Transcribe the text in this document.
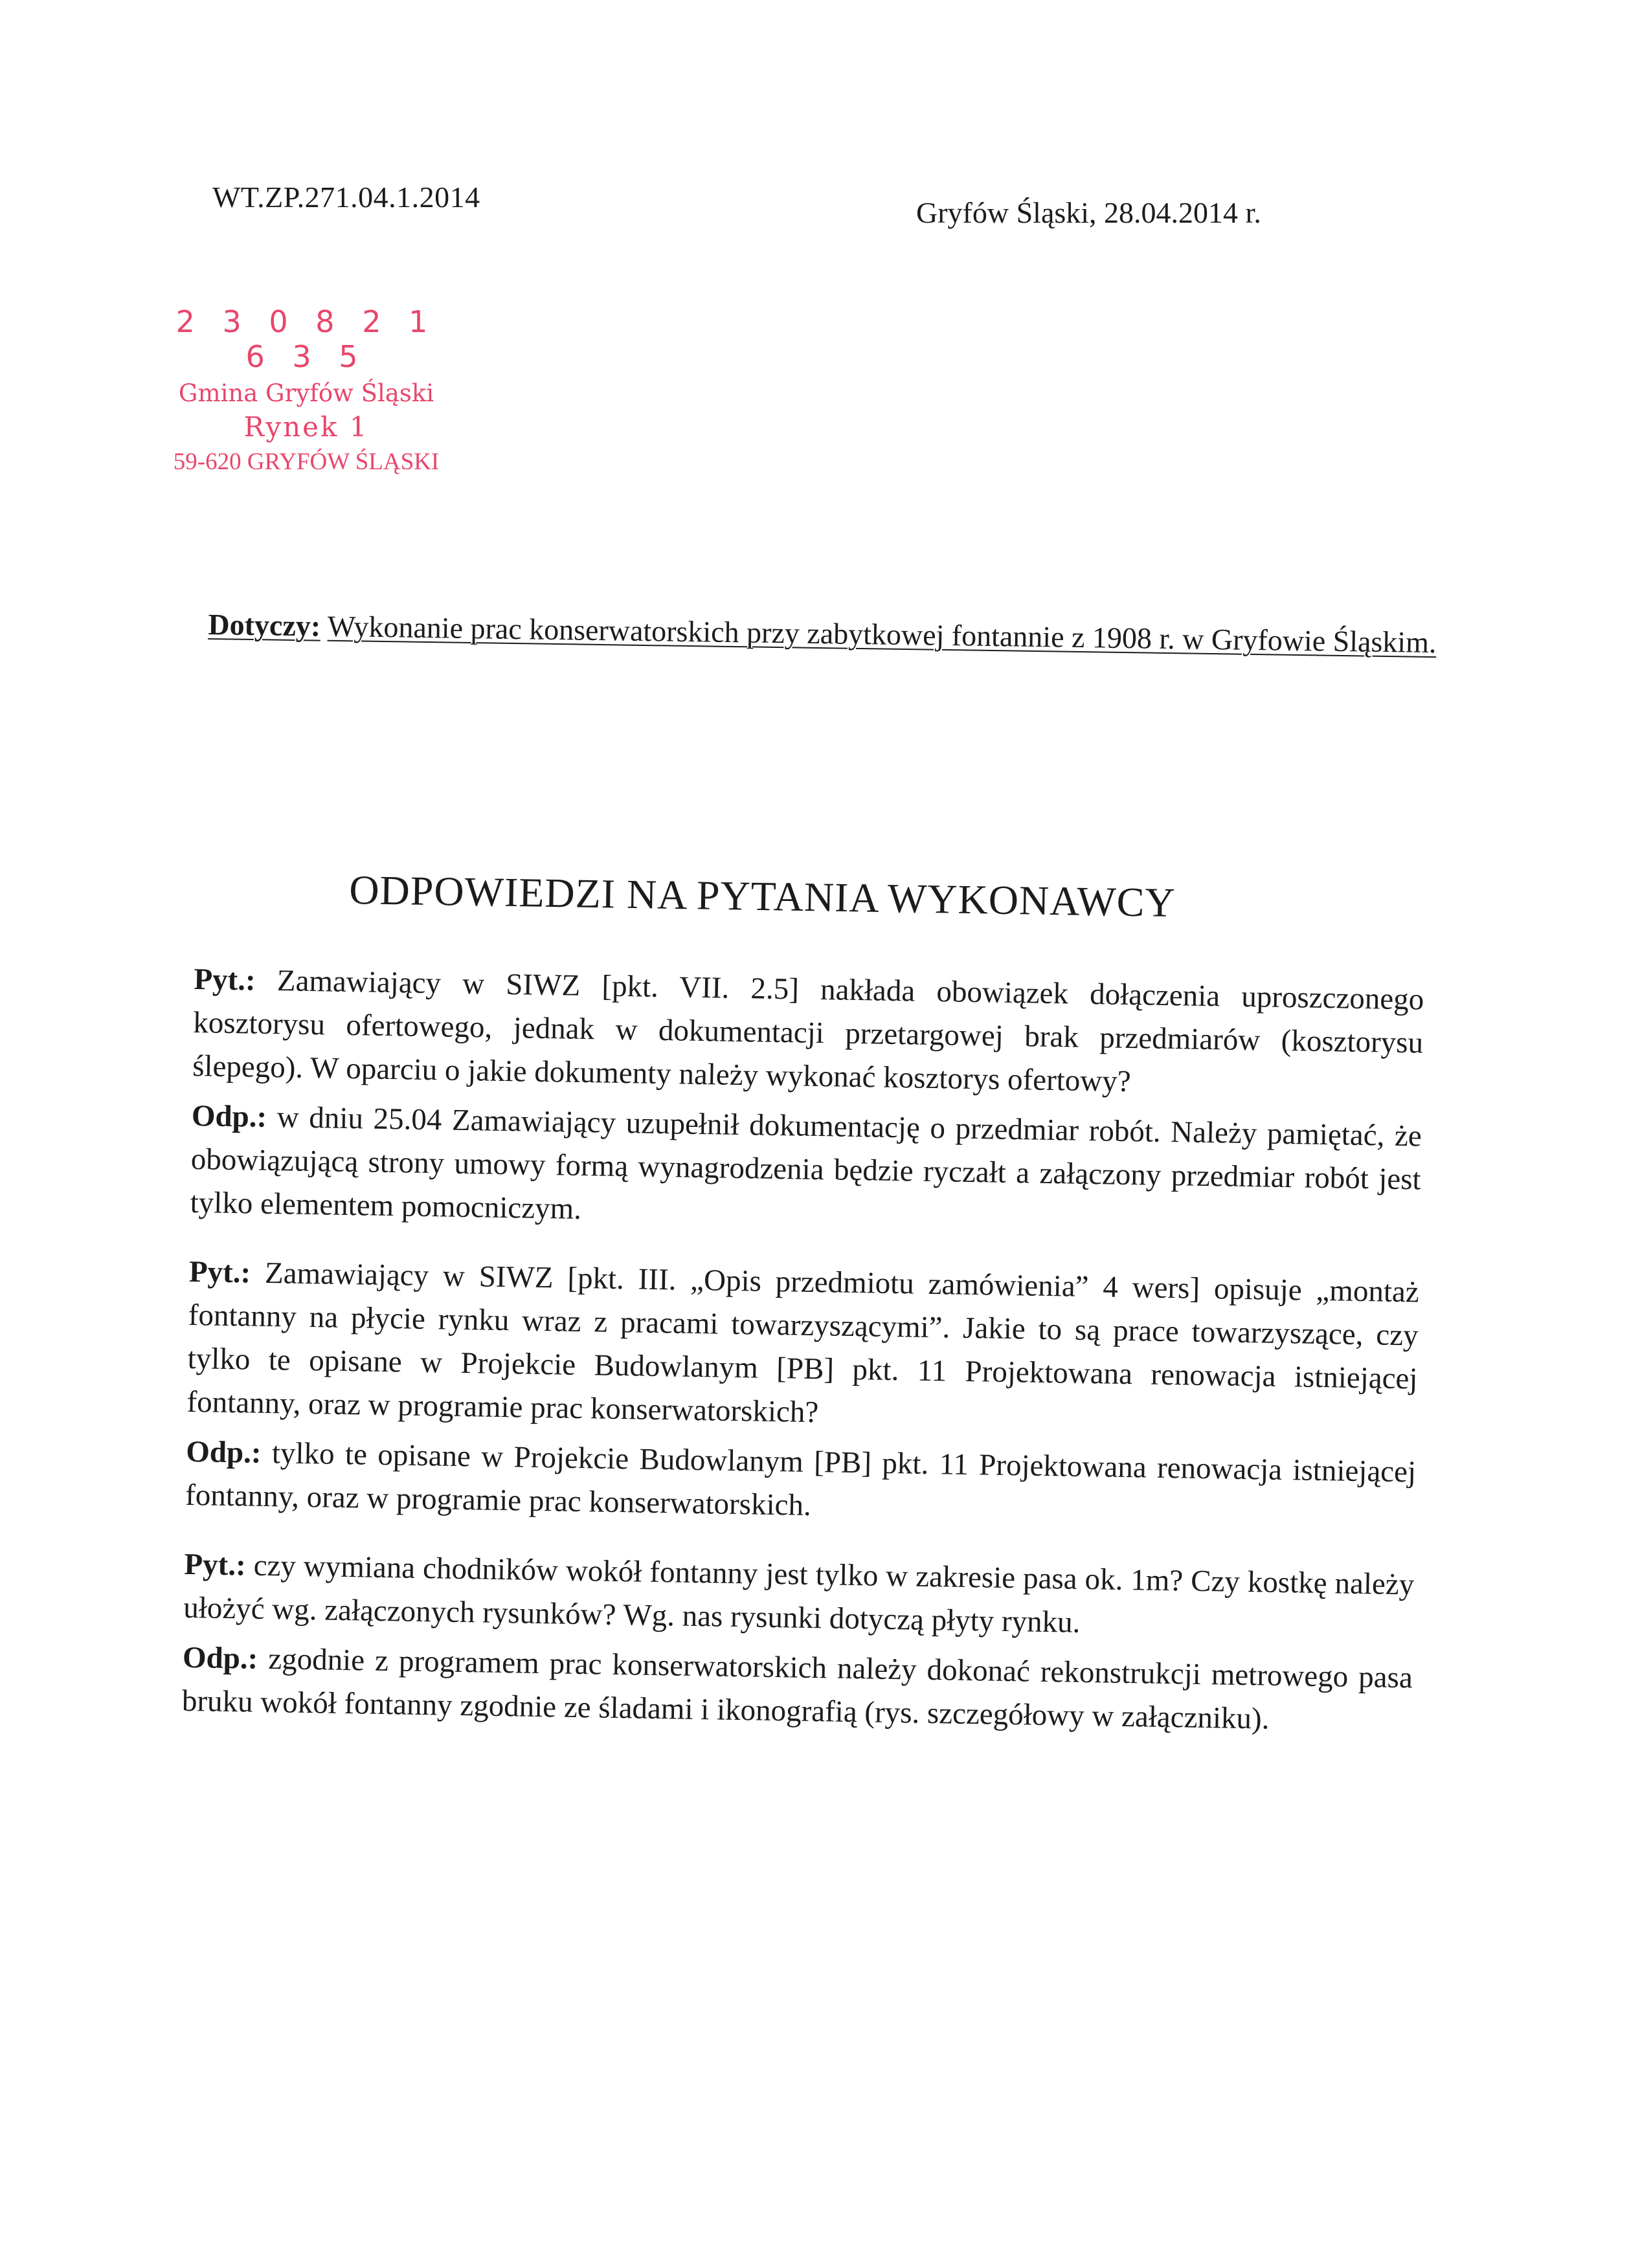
WT.ZP.271.04.1.2014	Gryfów Śląski, 28.04.2014 r.
2 3 0 8 2 1 6 3 5
Gmina Gryfów Śląski
Rynek 1
59-620 GRYFÓW ŚLĄSKI
Dotyczy: Wykonanie prac konserwatorskich przy zabytkowej fontannie z 1908 r. w Gryfowie Śląskim.
ODPOWIEDZI NA PYTANIA WYKONAWCY

Pyt.: Zamawiający w SIWZ [pkt. VII. 2.5] nakłada obowiązek dołączenia uproszczonego kosztorysu ofertowego, jednak w dokumentacji przetargowej brak przedmiarów (kosztorysu ślepego). W oparciu o jakie dokumenty należy wykonać kosztorys ofertowy?

Odp.: w dniu 25.04 Zamawiający uzupełnił dokumentację o przedmiar robót. Należy pamiętać, że obowiązującą strony umowy formą wynagrodzenia będzie ryczałt a załączony przedmiar robót jest tylko elementem pomocniczym.

Pyt.: Zamawiający w SIWZ [pkt. III. „Opis przedmiotu zamówienia” 4 wers] opisuje „montaż fontanny na płycie rynku wraz z pracami towarzyszącymi”. Jakie to są prace towarzyszące, czy tylko te opisane w Projekcie Budowlanym [PB] pkt. 11 Projektowana renowacja istniejącej fontanny, oraz w programie prac konserwatorskich?

Odp.: tylko te opisane w Projekcie Budowlanym [PB] pkt. 11 Projektowana renowacja istniejącej fontanny, oraz w programie prac konserwatorskich.

Pyt.: czy wymiana chodników wokół fontanny jest tylko w zakresie pasa ok. 1m? Czy kostkę należy ułożyć wg. załączonych rysunków? Wg. nas rysunki dotyczą płyty rynku.

Odp.: zgodnie z programem prac konserwatorskich należy dokonać rekonstrukcji metrowego pasa bruku wokół fontanny zgodnie ze śladami i ikonografią (rys. szczegółowy w załączniku).
